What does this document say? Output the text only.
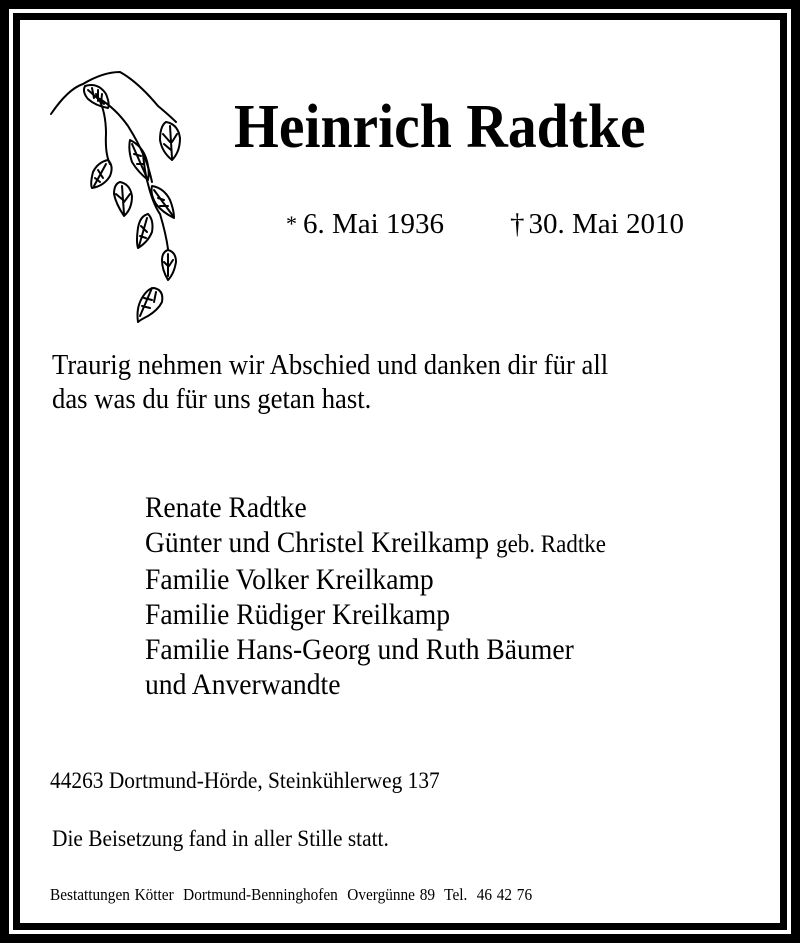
Heinrich Radtke
* 6. Mai 1936 † 30. Mai 2010
Traurig nehmen wir Abschied und danken dir für all
das was du für uns getan hast.
Renate Radtke
Günter und Christel Kreilkamp geb. Radtke
Familie Volker Kreilkamp
Familie Rüdiger Kreilkamp
Familie Hans-Georg und Ruth Bäumer
und Anverwandte
44263 Dortmund-Hörde, Steinkühlerweg 137
Die Beisetzung fand in aller Stille statt.
Bestattungen Kötter  Dortmund-Benninghofen  Overgünne 89  Tel.  46 42 76
